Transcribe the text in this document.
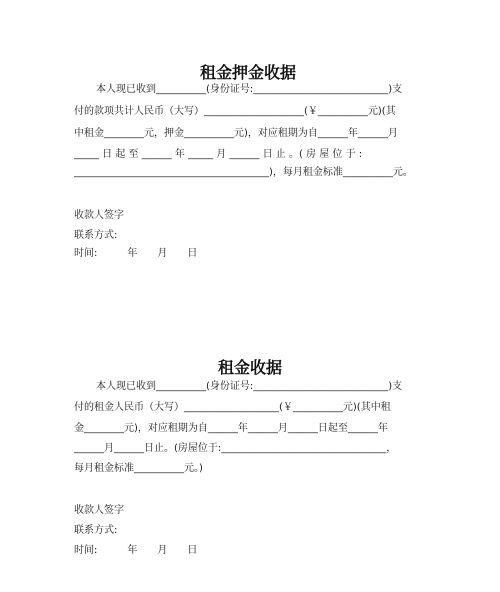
租金押金收据

本人现已收到__________(身份证号:___________________________)支

付的款项共计人民币（大写）____________________(￥__________元)(其

中租金________元，押金__________元)，对应租期为自______年______月

_____ 日 起 至 ______ 年 _____ 月 ______ 日 止 。( 房 屋 位 于 :

_______________________________________)，每月租金标准__________元。

收款人签字

联系方式:

时间:　　　年　　月　　日

租金收据

本人现已收到__________(身份证号:___________________________)支

付的租金人民币（大写）___________________(￥__________元)(其中租

金________元)，对应租期为自______年______月______日起至______年

______月______日止。(房屋位于:_________________________________，

每月租金标准__________元。)

收款人签字

联系方式:

时间:　　　年　　月　　日
